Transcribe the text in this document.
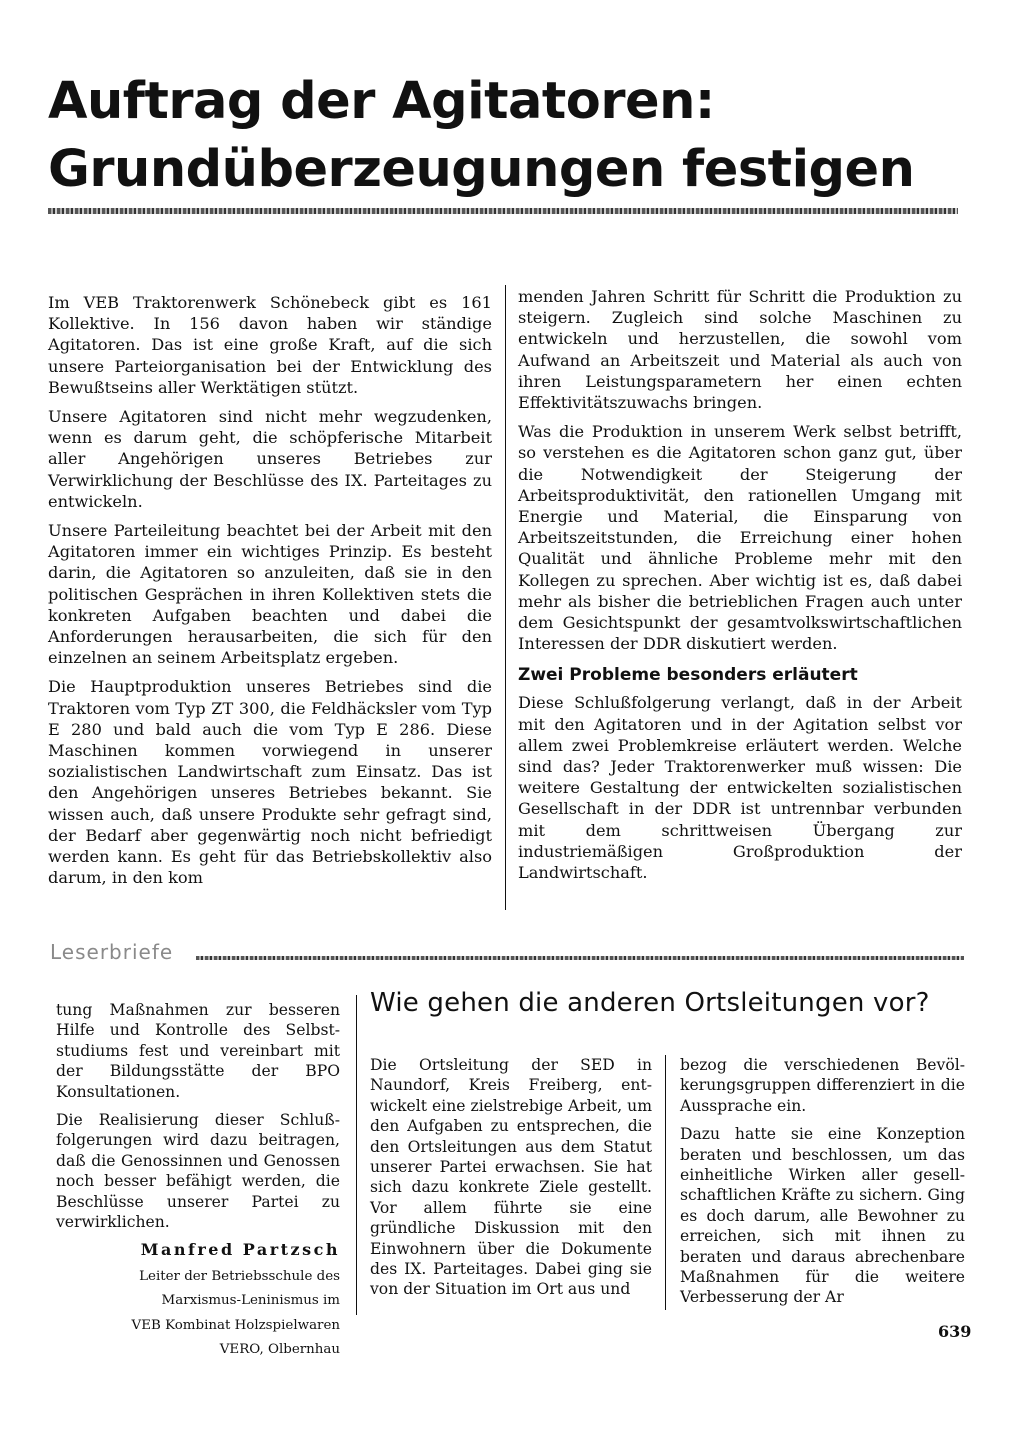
Auftrag der Agitatoren: Grundüberzeugungen festigen

Im VEB Traktorenwerk Schönebeck gibt es 161 Kollektive. In 156 davon haben wir ständige Agitatoren. Das ist eine große Kraft, auf die sich unsere Parteiorganisation bei der Entwicklung des Bewußtseins aller Werktätigen stützt.

Unsere Agitatoren sind nicht mehr wegzudenken, wenn es darum geht, die schöpferische Mitarbeit aller Angehörigen unseres Betriebes zur Verwirklichung der Beschlüsse des IX. Parteitages zu entwickeln.

Unsere Parteileitung beachtet bei der Arbeit mit den Agitatoren immer ein wichtiges Prinzip. Es besteht darin, die Agitatoren so anzuleiten, daß sie in den politischen Gesprächen in ihren Kollektiven stets die konkreten Aufgaben beachten und dabei die Anforderungen herausarbeiten, die sich für den einzelnen an seinem Arbeitsplatz ergeben.

Die Hauptproduktion unseres Betriebes sind die Traktoren vom Typ ZT 300, die Feldhäcksler vom Typ E 280 und bald auch die vom Typ E 286. Diese Maschinen kommen vorwiegend in unserer sozialistischen Landwirtschaft zum Einsatz. Das ist den Angehörigen unseres Betriebes bekannt. Sie wissen auch, daß unsere Produkte sehr gefragt sind, der Bedarf aber gegenwärtig noch nicht befriedigt werden kann. Es geht für das Betriebskollektiv also darum, in den kom

menden Jahren Schritt für Schritt die Produktion zu steigern. Zugleich sind solche Maschinen zu entwickeln und herzustellen, die sowohl vom Aufwand an Arbeitszeit und Material als auch von ihren Leistungsparametern her einen echten Effektivitätszuwachs bringen.

Was die Produktion in unserem Werk selbst betrifft, so verstehen es die Agitatoren schon ganz gut, über die Notwendigkeit der Steigerung der Arbeitsproduktivität, den rationellen Umgang mit Energie und Material, die Einsparung von Arbeitszeitstunden, die Erreichung einer hohen Qualität und ähnliche Probleme mehr mit den Kollegen zu sprechen. Aber wichtig ist es, daß dabei mehr als bisher die betrieblichen Fragen auch unter dem Gesichtspunkt der gesamtvolkswirtschaftlichen Interessen der DDR diskutiert werden.

Zwei Probleme besonders erläutert

Diese Schlußfolgerung verlangt, daß in der Arbeit mit den Agitatoren und in der Agitation selbst vor allem zwei Problemkreise erläutert werden. Welche sind das? Jeder Traktorenwerker muß wissen: Die weitere Gestaltung der entwickelten sozialistischen Gesellschaft in der DDR ist untrennbar verbunden mit dem schrittweisen Übergang zur industriemäßigen Großproduktion der Landwirtschaft.

Leserbriefe

tung Maßnahmen zur besseren Hilfe und Kontrolle des Selbststudiums fest und vereinbart mit der Bildungsstätte der BPO Konsultationen.

Die Realisierung dieser Schlußfolgerungen wird dazu beitragen, daß die Genossinnen und Genossen noch besser befähigt werden, die Beschlüsse unserer Partei zu verwirklichen.

Manfred Partzsch

Leiter der Betriebsschule des

Marxismus-Leninismus im

VEB Kombinat Holzspielwaren

VERO, Olbernhau

Wie gehen die anderen Ortsleitungen vor?

Die Ortsleitung der SED in Naundorf, Kreis Freiberg, entwickelt eine zielstrebige Arbeit, um den Aufgaben zu entsprechen, die den Ortsleitungen aus dem Statut unserer Partei erwachsen. Sie hat sich dazu konkrete Ziele gestellt. Vor allem führte sie eine gründliche Diskussion mit den Einwohnern über die Dokumente des IX. Parteitages. Dabei ging sie von der Situation im Ort aus und

bezog die verschiedenen Bevölkerungsgruppen differenziert in die Aussprache ein.

Dazu hatte sie eine Konzeption beraten und beschlossen, um das einheitliche Wirken aller gesellschaftlichen Kräfte zu sichern. Ging es doch darum, alle Bewohner zu erreichen, sich mit ihnen zu beraten und daraus abrechenbare Maßnahmen für die weitere Verbesserung der Ar

639
